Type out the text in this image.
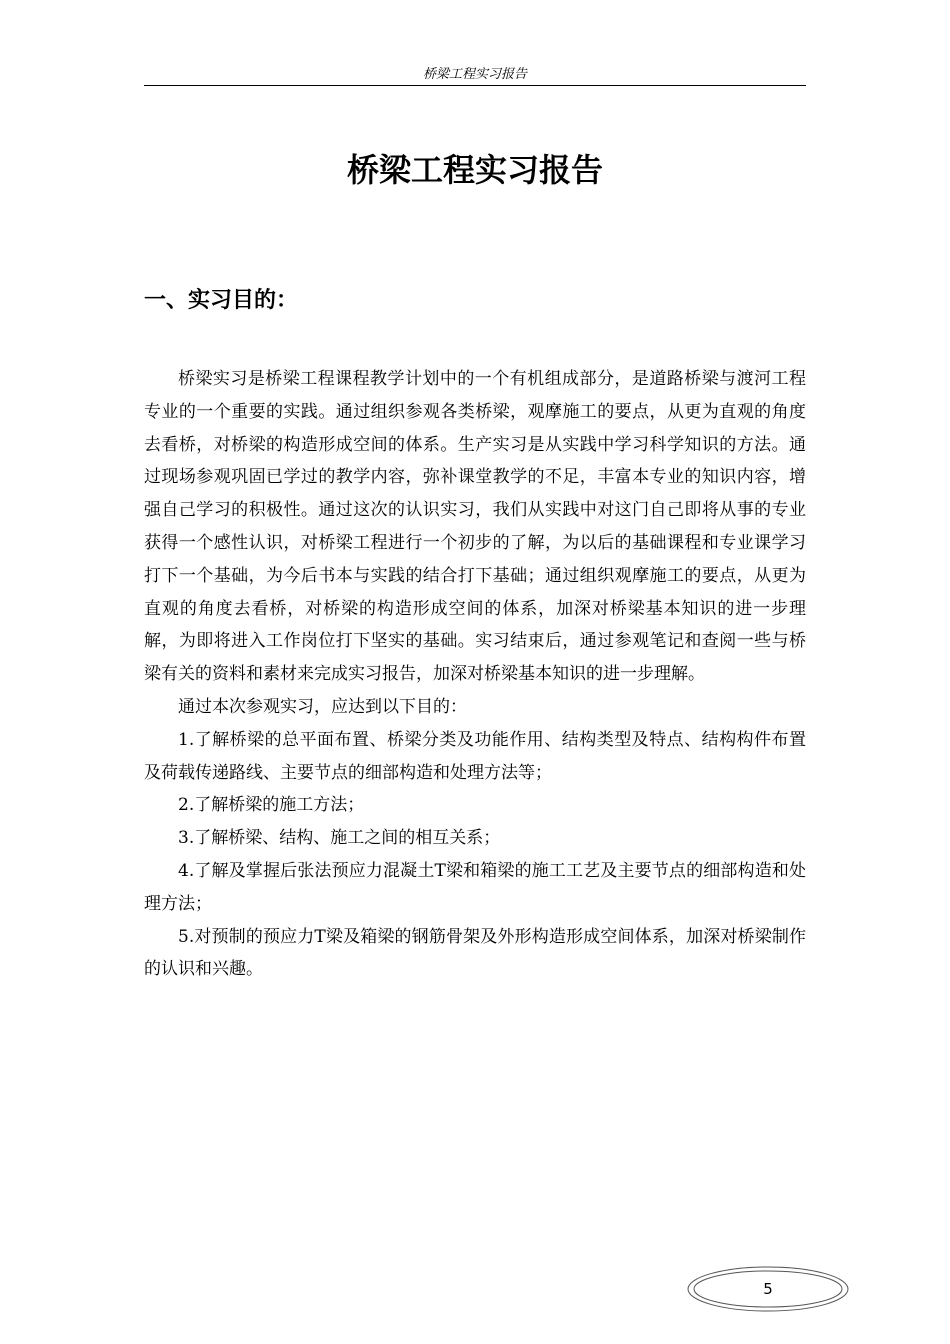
桥梁工程实习报告
桥梁工程实习报告
一、实习目的：

桥梁实习是桥梁工程课程教学计划中的一个有机组成部分，是道路桥梁与渡河工程专业的一个重要的实践。通过组织参观各类桥梁，观摩施工的要点，从更为直观的角度去看桥，对桥梁的构造形成空间的体系。生产实习是从实践中学习科学知识的方法。通过现场参观巩固已学过的教学内容，弥补课堂教学的不足，丰富本专业的知识内容，增强自己学习的积极性。通过这次的认识实习，我们从实践中对这门自己即将从事的专业获得一个感性认识，对桥梁工程进行一个初步的了解，为以后的基础课程和专业课学习打下一个基础，为今后书本与实践的结合打下基础；通过组织观摩施工的要点，从更为直观的角度去看桥，对桥梁的构造形成空间的体系，加深对桥梁基本知识的进一步理解，为即将进入工作岗位打下坚实的基础。实习结束后，通过参观笔记和查阅一些与桥梁有关的资料和素材来完成实习报告，加深对桥梁基本知识的进一步理解。

通过本次参观实习，应达到以下目的：

1.了解桥梁的总平面布置、桥梁分类及功能作用、结构类型及特点、结构构件布置及荷载传递路线、主要节点的细部构造和处理方法等；

2.了解桥梁的施工方法；

3.了解桥梁、结构、施工之间的相互关系；

4.了解及掌握后张法预应力混凝土T梁和箱梁的施工工艺及主要节点的细部构造和处理方法；

5.对预制的预应力T梁及箱梁的钢筋骨架及外形构造形成空间体系，加深对桥梁制作的认识和兴趣。

5
